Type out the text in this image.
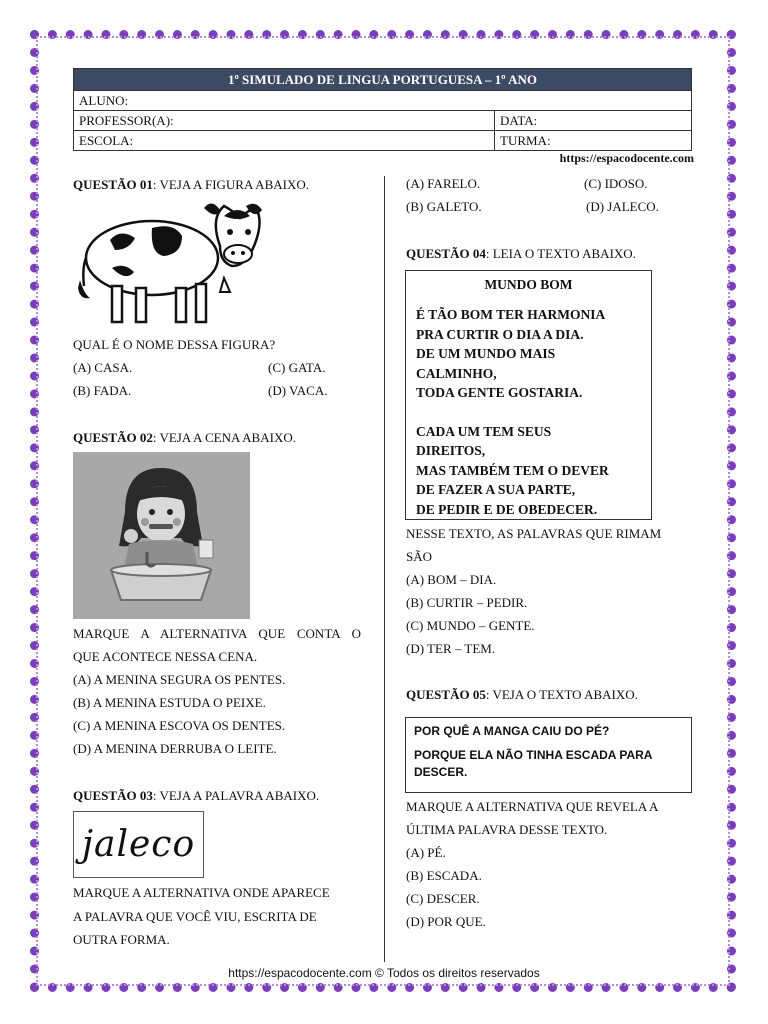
1º SIMULADO DE LINGUA PORTUGUESA – 1º ANO	
ALUNO:	
PROFESSOR(A):	DATA:
ESCOLA:	TURMA:
https://espacodocente.com
QUESTÃO 01: VEJA A FIGURA ABAIXO.
QUAL É O NOME DESSA FIGURA?
(A) CASA.	(C) GATA.
(B) FADA.	(D) VACA.
QUESTÃO 02: VEJA A CENA ABAIXO.
MARQUE A ALTERNATIVA QUE CONTA O
QUE ACONTECE NESSA CENA.
(A) A MENINA SEGURA OS PENTES.
(B) A MENINA ESTUDA O PEIXE.
(C) A MENINA ESCOVA OS DENTES.
(D) A MENINA DERRUBA O LEITE.
QUESTÃO 03: VEJA A PALAVRA ABAIXO.
jaleco
MARQUE A ALTERNATIVA ONDE APARECE
A PALAVRA QUE VOCÊ VIU, ESCRITA DE
OUTRA FORMA.
(A) FARELO.	(C) IDOSO.
(B) GALETO.	(D) JALECO.
QUESTÃO 04: LEIA O TEXTO ABAIXO.
MUNDO BOM
É TÃO BOM TER HARMONIA
PRA CURTIR O DIA A DIA.
DE UM MUNDO MAIS
CALMINHO,
TODA GENTE GOSTARIA.
CADA UM TEM SEUS
DIREITOS,
MAS TAMBÉM TEM O DEVER
DE FAZER A SUA PARTE,
DE PEDIR E DE OBEDECER.
NESSE TEXTO, AS PALAVRAS QUE RIMAM
SÃO
(A) BOM – DIA.
(B) CURTIR – PEDIR.
(C) MUNDO – GENTE.
(D) TER – TEM.
QUESTÃO 05: VEJA O TEXTO ABAIXO.
POR QUÊ A MANGA CAIU DO PÉ?
PORQUE ELA NÃO TINHA ESCADA PARA
DESCER.
MARQUE A ALTERNATIVA QUE REVELA A
ÚLTIMA PALAVRA DESSE TEXTO.
(A) PÉ.
(B) ESCADA.
(C) DESCER.
(D) POR QUE.
https://espacodocente.com © Todos os direitos reservados
